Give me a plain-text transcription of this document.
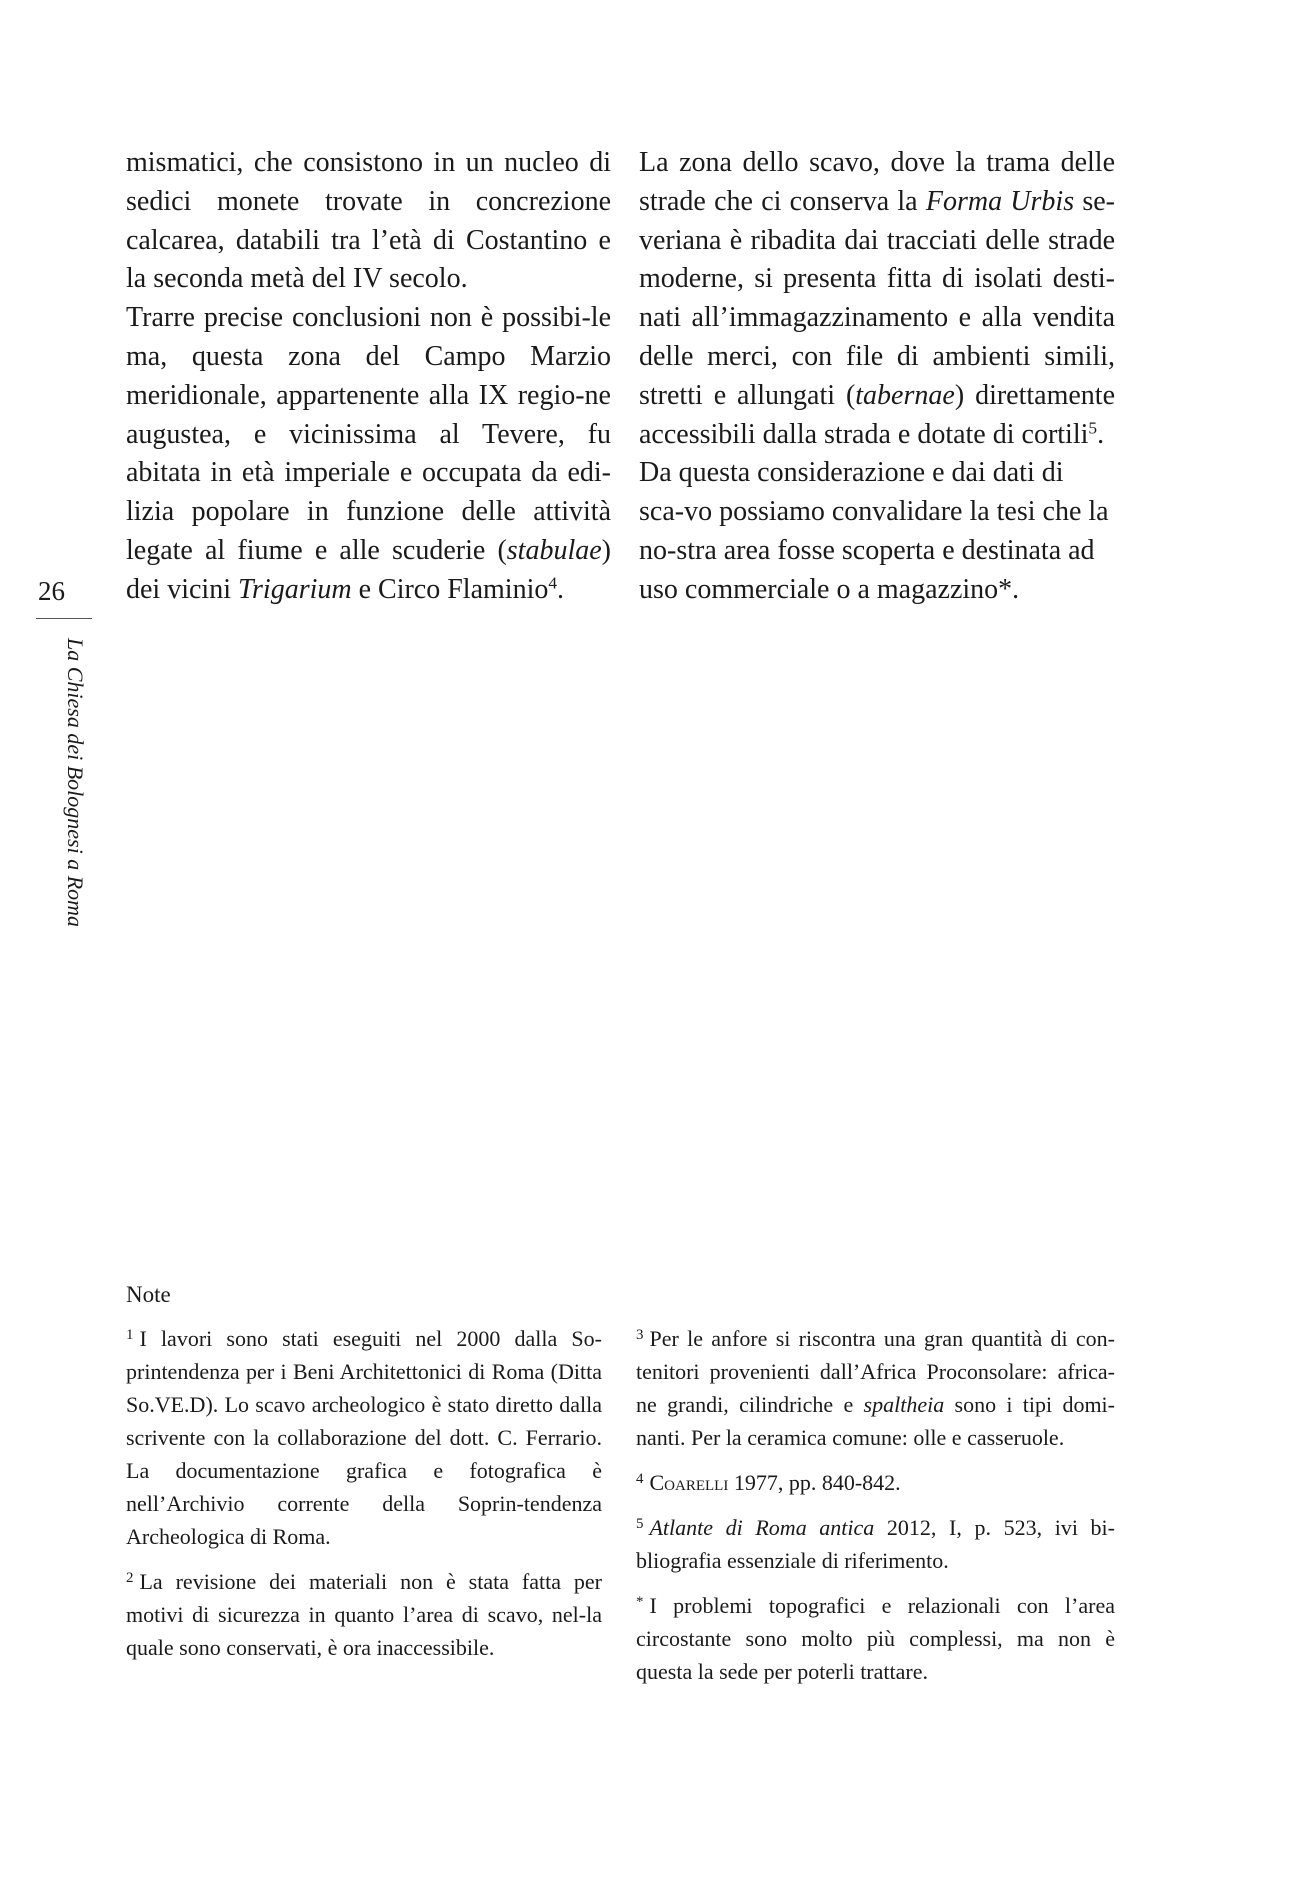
26
La Chiesa dei Bolognesi a Roma

mismatici, che consistono in un nucleo di sedici monete trovate in concrezione calcarea, databili tra l’età di Costantino e la seconda metà del IV secolo.

Trarre precise conclusioni non è possibi-le ma, questa zona del Campo Marzio meridionale, appartenente alla IX regio-ne augustea, e vicinissima al Tevere, fu abitata in età imperiale e occupata da edi-lizia popolare in funzione delle attività legate al fiume e alle scuderie (stabulae) dei vicini Trigarium e Circo Flaminio$^4$.

La zona dello scavo, dove la trama delle strade che ci conserva la Forma Urbis se-veriana è ribadita dai tracciati delle strade moderne, si presenta fitta di isolati desti-nati all’immagazzinamento e alla vendita delle merci, con file di ambienti simili, stretti e allungati (tabernae) direttamente accessibili dalla strada e dotate di cortili$^5$.

Da questa considerazione e dai dati di sca-vo possiamo convalidare la tesi che la no-stra area fosse scoperta e destinata ad uso commerciale o a magazzino*.

Note

$^1$ I lavori sono stati eseguiti nel 2000 dalla So-printendenza per i Beni Architettonici di Roma (Ditta So.VE.D). Lo scavo archeologico è stato diretto dalla scrivente con la collaborazione del dott. C. Ferrario. La documentazione grafica e fotografica è nell’Archivio corrente della Soprin-tendenza Archeologica di Roma.

$^2$ La revisione dei materiali non è stata fatta per motivi di sicurezza in quanto l’area di scavo, nel-la quale sono conservati, è ora inaccessibile.

$^3$ Per le anfore si riscontra una gran quantità di con-tenitori provenienti dall’Africa Proconsolare: africa-ne grandi, cilindriche e spaltheia sono i tipi domi-nanti. Per la ceramica comune: olle e casseruole.

$^4$ Coarelli 1977, pp. 840-842.

$^5$ Atlante di Roma antica 2012, I, p. 523, ivi bi-bliografia essenziale di riferimento.

* I problemi topografici e relazionali con l’area circostante sono molto più complessi, ma non è questa la sede per poterli trattare.
